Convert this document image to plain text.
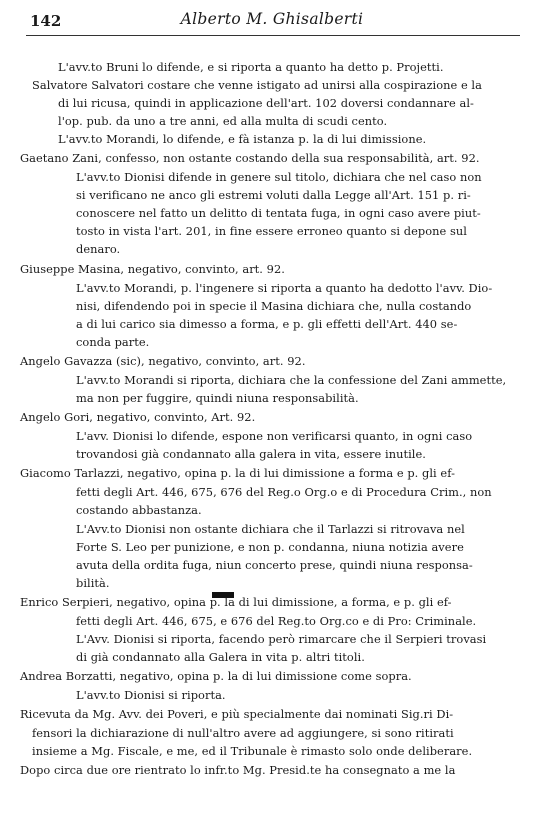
142	Alberto M. Ghisalberti
L'avv.to Bruni lo difende, e si riporta a quanto ha detto p. Projetti.
Salvatore Salvatori costare che venne istigato ad unirsi alla cospirazione e la
di lui ricusa, quindi in applicazione dell'art. 102 doversi condannare al-
l'op. pub. da uno a tre anni, ed alla multa di scudi cento.
L'avv.to Morandi, lo difende, e fà istanza p. la di lui dimissione.
Gaetano Zani, confesso, non ostante costando della sua responsabilità, art. 92.
L'avv.to Dionisi difende in genere sul titolo, dichiara che nel caso non
si verificano ne anco gli estremi voluti dalla Legge all'Art. 151 p. ri-
conoscere nel fatto un delitto di tentata fuga, in ogni caso avere piut-
tosto in vista l'art. 201, in fine essere erroneo quanto si depone sul
denaro.
Giuseppe Masina, negativo, convinto, art. 92.
L'avv.to Morandi, p. l'ingenere si riporta a quanto ha dedotto l'avv. Dio-
nisi, difendendo poi in specie il Masina dichiara che, nulla costando
a di lui carico sia dimesso a forma, e p. gli effetti dell'Art. 440 se-
conda parte.
Angelo Gavazza (sic), negativo, convinto, art. 92.
L'avv.to Morandi si riporta, dichiara che la confessione del Zani ammette,
ma non per fuggire, quindi niuna responsabilità.
Angelo Gori, negativo, convinto, Art. 92.
L'avv. Dionisi lo difende, espone non verificarsi quanto, in ogni caso
trovandosi già condannato alla galera in vita, essere inutile.
Giacomo Tarlazzi, negativo, opina p. la di lui dimissione a forma e p. gli ef-
fetti degli Art. 446, 675, 676 del Reg.o Org.o e di Procedura Crim., non
costando abbastanza.
L'Avv.to Dionisi non ostante dichiara che il Tarlazzi si ritrovava nel
Forte S. Leo per punizione, e non p. condanna, niuna notizia avere
avuta della ordita fuga, niun concerto prese, quindi niuna responsa-
bilità.
Enrico Serpieri, negativo, opina p. la di lui dimissione, a forma, e p. gli ef-
fetti degli Art. 446, 675, e 676 del Reg.to Org.co e di Pro: Criminale.
L'Avv. Dionisi si riporta, facendo però rimarcare che il Serpieri trovasi
di già condannato alla Galera in vita p. altri titoli.
Andrea Borzatti, negativo, opina p. la di lui dimissione come sopra.
L'avv.to Dionisi si riporta.
Ricevuta da Mg. Avv. dei Poveri, e più specialmente dai nominati Sig.ri Di-
fensori la dichiarazione di null'altro avere ad aggiungere, si sono ritirati
insieme a Mg. Fiscale, e me, ed il Tribunale è rimasto solo onde deliberare.
Dopo circa due ore rientrato lo infr.to Mg. Presid.te ha consegnato a me la
